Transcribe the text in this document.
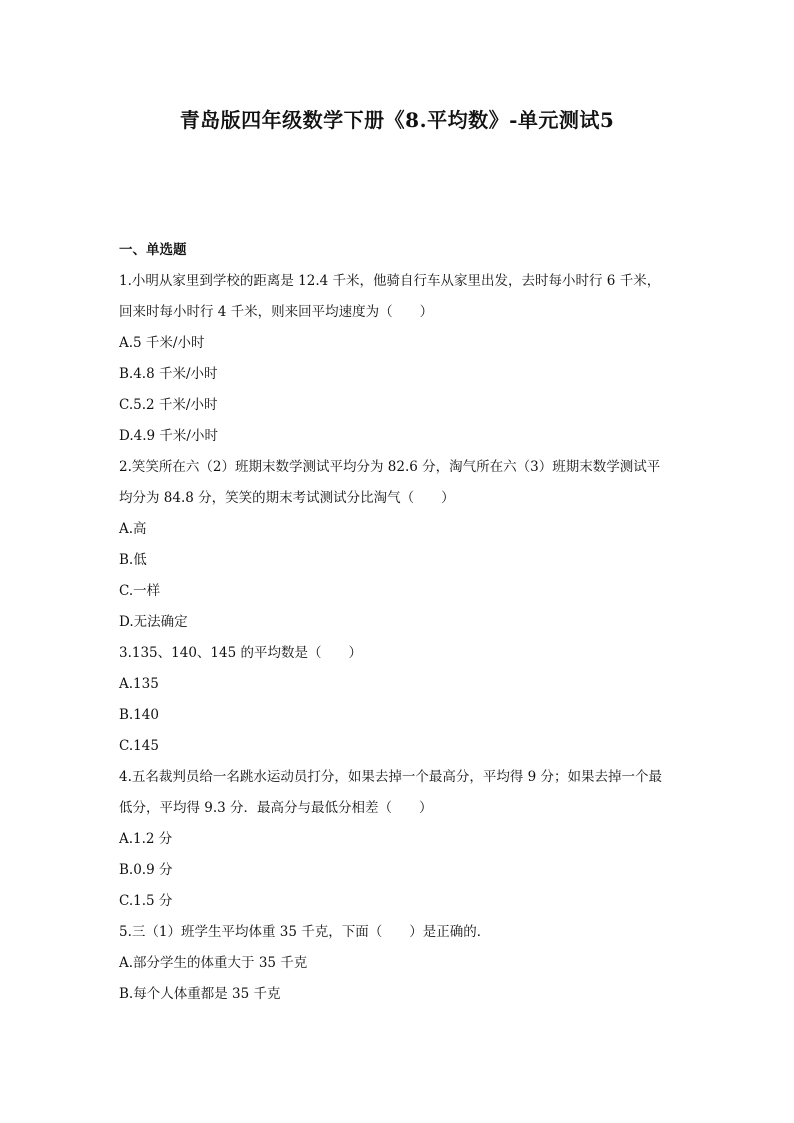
青岛版四年级数学下册《8.平均数》-单元测试5
一、单选题
1.小明从家里到学校的距离是 12.4 千米，他骑自行车从家里出发，去时每小时行 6 千米，
回来时每小时行 4 千米，则来回平均速度为（　　）
A.5 千米/小时
B.4.8 千米/小时
C.5.2 千米/小时
D.4.9 千米/小时
2.笑笑所在六（2）班期末数学测试平均分为 82.6 分，淘气所在六（3）班期末数学测试平
均分为 84.8 分，笑笑的期末考试测试分比淘气（　　）
A.高
B.低
C.一样
D.无法确定
3.135、140、145 的平均数是（　　）
A.135
B.140
C.145
4.五名裁判员给一名跳水运动员打分，如果去掉一个最高分，平均得 9 分；如果去掉一个最
低分，平均得 9.3 分．最高分与最低分相差（　　）
A.1.2 分
B.0.9 分
C.1.5 分
5.三（1）班学生平均体重 35 千克，下面（　　）是正确的．
A.部分学生的体重大于 35 千克
B.每个人体重都是 35 千克
